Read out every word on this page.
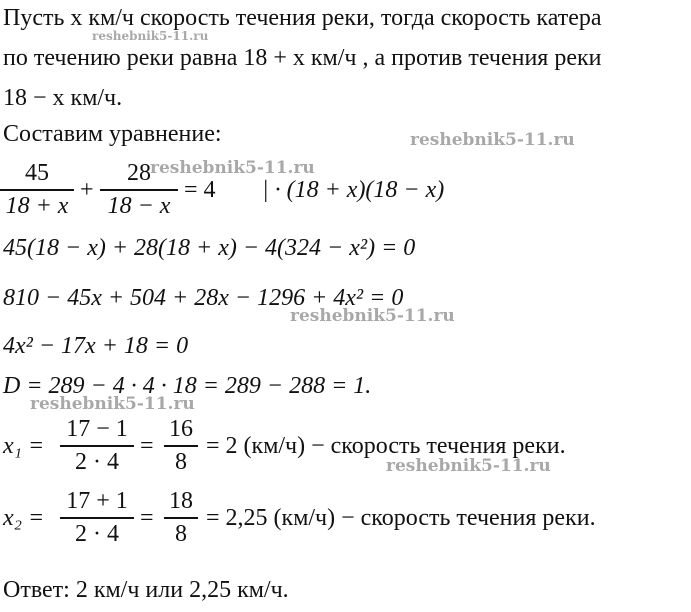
Пусть x км/ч скорость течения реки, тогда скорость катера
по течению реки равна 18 + x км/ч , а против течения реки
18 − x км/ч.
Составим уравнение:
45
18 + x
+
28
18 − x
= 4 | · (18 + x)(18 − x)
45(18 − x) + 28(18 + x) − 4(324 − x²) = 0
810 − 45x + 504 + 28x − 1296 + 4x² = 0
4x² − 17x + 18 = 0
D = 289 − 4 · 4 · 18 = 289 − 288 = 1.
x₁ =
17 − 1
2 · 4
=
16
8
= 2 (км/ч) − скорость течения реки.
x₂ =
17 + 1
2 · 4
=
18
8
= 2,25 (км/ч) − скорость течения реки.
Ответ: 2 км/ч или 2,25 км/ч.
reshebnik5-11.ru
reshebnik5-11.ru
reshebnik5-11.ru
reshebnik5-11.ru
reshebnik5-11.ru
reshebnik5-11.ru
